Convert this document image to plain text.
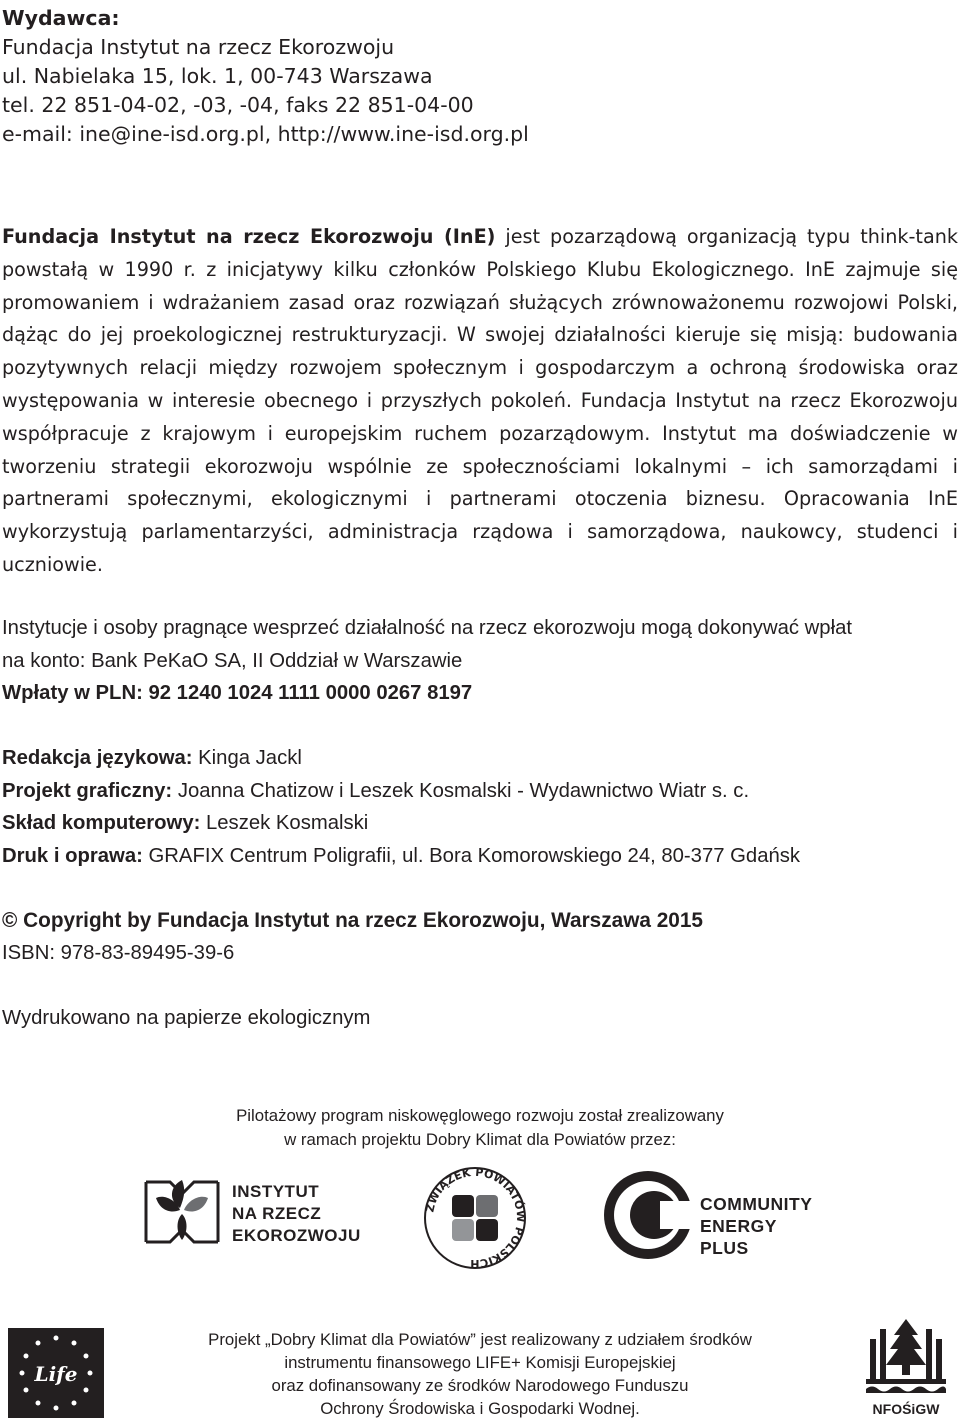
Wydawca:
Fundacja Instytut na rzecz Ekorozwoju
ul. Nabielaka 15, lok. 1, 00-743 Warszawa
tel. 22 851-04-02, -03, -04, faks 22 851-04-00
e-mail: ine@ine-isd.org.pl, http://www.ine-isd.org.pl
Fundacja Instytut na rzecz Ekorozwoju (InE) jest pozarządową organizacją typu think-tank powstałą w 1990 r. z inicjatywy kilku członków Polskiego Klubu Ekologicznego. InE zajmuje się promowaniem i wdrażaniem zasad oraz rozwiązań służących zrównoważonemu rozwojowi Polski, dążąc do jej proekologicznej restrukturyzacji. W swojej działalności kieruje się misją: budowania pozytywnych relacji między rozwojem społecznym i gospodarczym a ochroną środowiska oraz występowania w interesie obecnego i przyszłych pokoleń. Fundacja Instytut na rzecz Ekorozwoju współpracuje z krajowym i europejskim ruchem pozarządowym. Instytut ma doświadczenie w tworzeniu strategii ekorozwoju wspólnie ze społecznościami lokalnymi – ich samorządami i partnerami społecznymi, ekologicznymi i partnerami otoczenia biznesu. Opracowania InE wykorzystują parlamentarzyści, administracja rządowa i samorządowa, naukowcy, studenci i uczniowie.
Instytucje i osoby pragnące wesprzeć działalność na rzecz ekorozwoju mogą dokonywać wpłat
na konto: Bank PeKaO SA, II Oddział w Warszawie
Wpłaty w PLN: 92 1240 1024 1111 0000 0267 8197
Redakcja językowa: Kinga Jackl
Projekt graficzny: Joanna Chatizow i Leszek Kosmalski - Wydawnictwo Wiatr s. c.
Skład komputerowy: Leszek Kosmalski
Druk i oprawa: GRAFIX Centrum Poligrafii, ul. Bora Komorowskiego 24, 80-377 Gdańsk
© Copyright by Fundacja Instytut na rzecz Ekorozwoju, Warszawa 2015
ISBN: 978-83-89495-39-6
Wydrukowano na papierze ekologicznym
Pilotażowy program niskowęglowego rozwoju został zrealizowany
w ramach projektu Dobry Klimat dla Powiatów przez:
INSTYTUT
NA RZECZ
EKOROZWOJU
ZWIĄZEK POWIATÓW POLSKICH
COMMUNITY
ENERGY PLUS
Life
Projekt „Dobry Klimat dla Powiatów” jest realizowany z udziałem środków
instrumentu finansowego LIFE+ Komisji Europejskiej
oraz dofinansowany ze środków Narodowego Funduszu
Ochrony Środowiska i Gospodarki Wodnej.	NFOŚiGW
